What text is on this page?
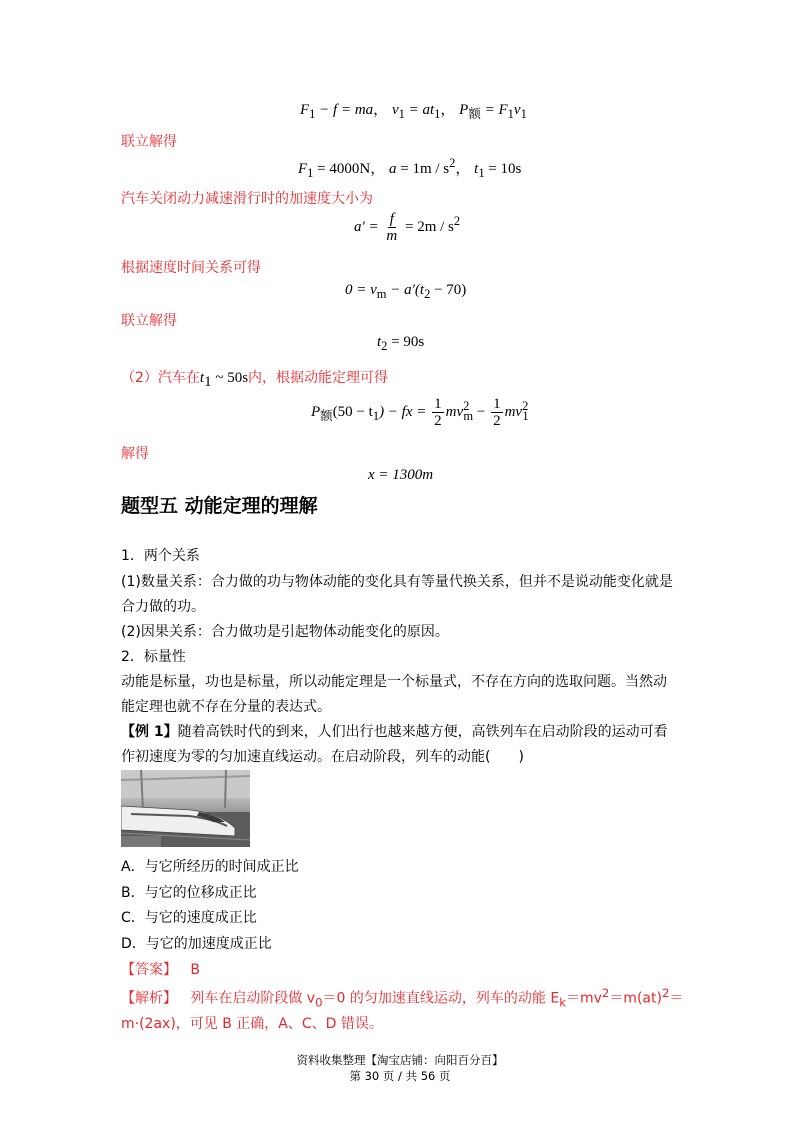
$F_1 - f$ = ma， $v_1 = at_1$， $P_额 = F_1v_1$
联立解得
$F_1 = 4000N$， $a = 1m / s^2$， $t_1 = 10s$
汽车关闭动力减速滑行时的加速度大小为
$a' = \frac{f}{m} = 2m / s^2$
根据速度时间关系可得
$0 = v_m - a'(t_2 - 70)$
联立解得
$t_2 = 90s$
（2）汽车在$t_1$ ~ 50s内，根据动能定理可得
$P_额(50 - t_1)$ − fx = $\frac{1}{2} mv^2_m - \frac{1}{2} mv^2_1$
解得
x = 1300m
题型五 动能定理的理解
1．两个关系
(1)数量关系：合力做的功与物体动能的变化具有等量代换关系，但并不是说动能变化就是
合力做的功。
(2)因果关系：合力做功是引起物体动能变化的原因。
2．标量性
动能是标量，功也是标量，所以动能定理是一个标量式，不存在方向的选取问题。当然动
能定理也就不存在分量的表达式。
【例 1】随着高铁时代的到来，人们出行也越来越方便，高铁列车在启动阶段的运动可看
作初速度为零的匀加速直线运动。在启动阶段，列车的动能(　　)
A．与它所经历的时间成正比
B．与它的位移成正比
C．与它的速度成正比
D．与它的加速度成正比
【答案】 B
【解析】 列车在启动阶段做 $v_0=0$ 的匀加速直线运动，列车的动能 $E_k=mv^2=m(at)^2=$
m·(2ax)，可见 B 正确，A、C、D 错误。
资料收集整理【淘宝店铺：向阳百分百】
第 30 页 / 共 56 页
